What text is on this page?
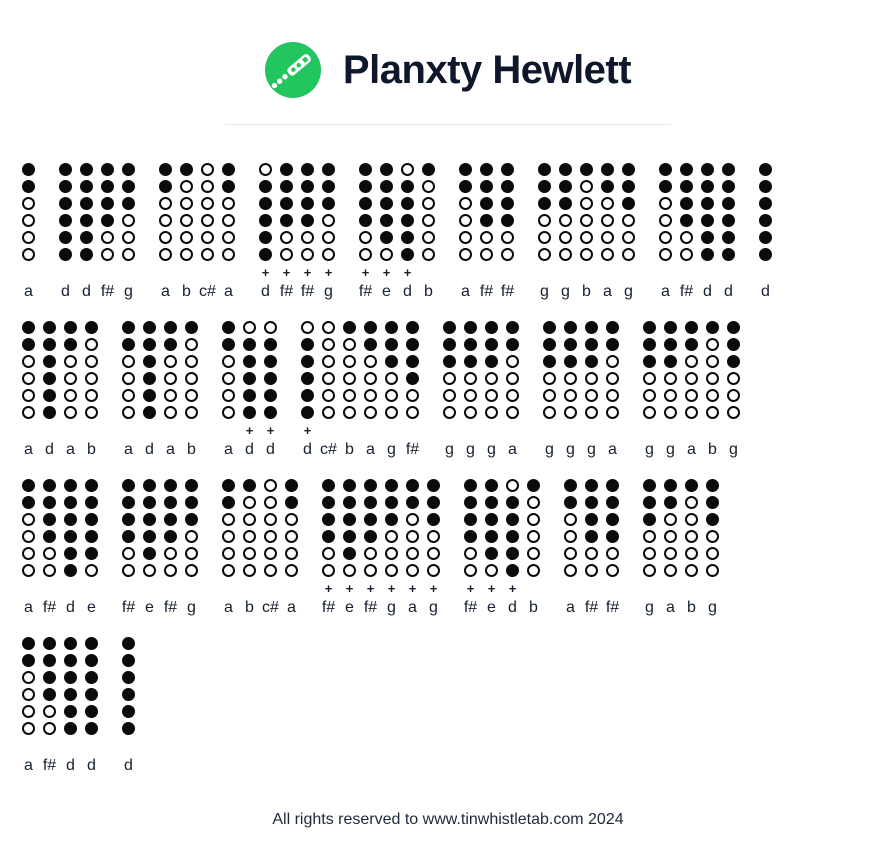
Planxty Hewlett
a d d f# g a b c# a
+
d
+
f#
+
f#
+
g
+
f#
+
e
+
d b a f# f# g g b a g a f# d d d
a d a b a d a b a
+
d
+
d
+
d c# b a g f# g g g a g g g a g g a b g
a f# d e f# e f# g a b c# a
+
f#
+
e
+
f#
+
g
+
a
+
g
+
f#
+
e
+
d b a f# f# g a b g
a f# d d d
All rights reserved to www.tinwhistletab.com 2024
